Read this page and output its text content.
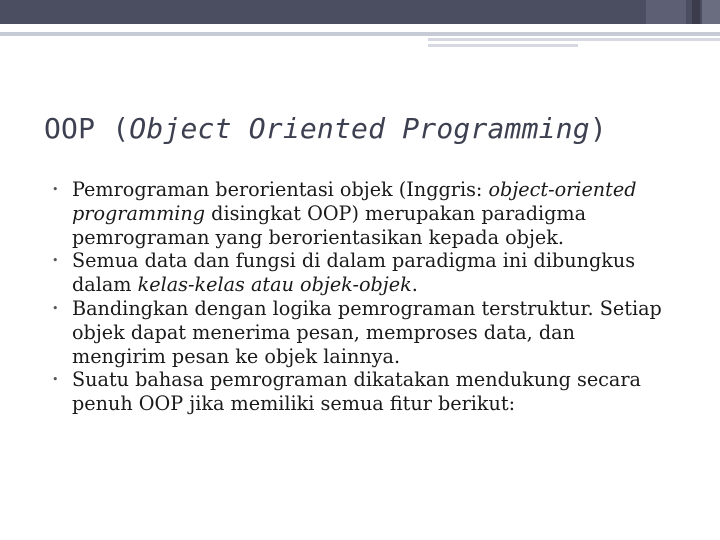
OOP (Object Oriented Programming)

• Pemrograman berorientasi objek (Inggris: object-oriented programming disingkat OOP) merupakan paradigma pemrograman yang berorientasikan kepada objek.

• Semua data dan fungsi di dalam paradigma ini dibungkus dalam kelas-kelas atau objek-objek.

• Bandingkan dengan logika pemrograman terstruktur. Setiap objek dapat menerima pesan, memproses data, dan mengirim pesan ke objek lainnya.

• Suatu bahasa pemrograman dikatakan mendukung secara penuh OOP jika memiliki semua fitur berikut:
